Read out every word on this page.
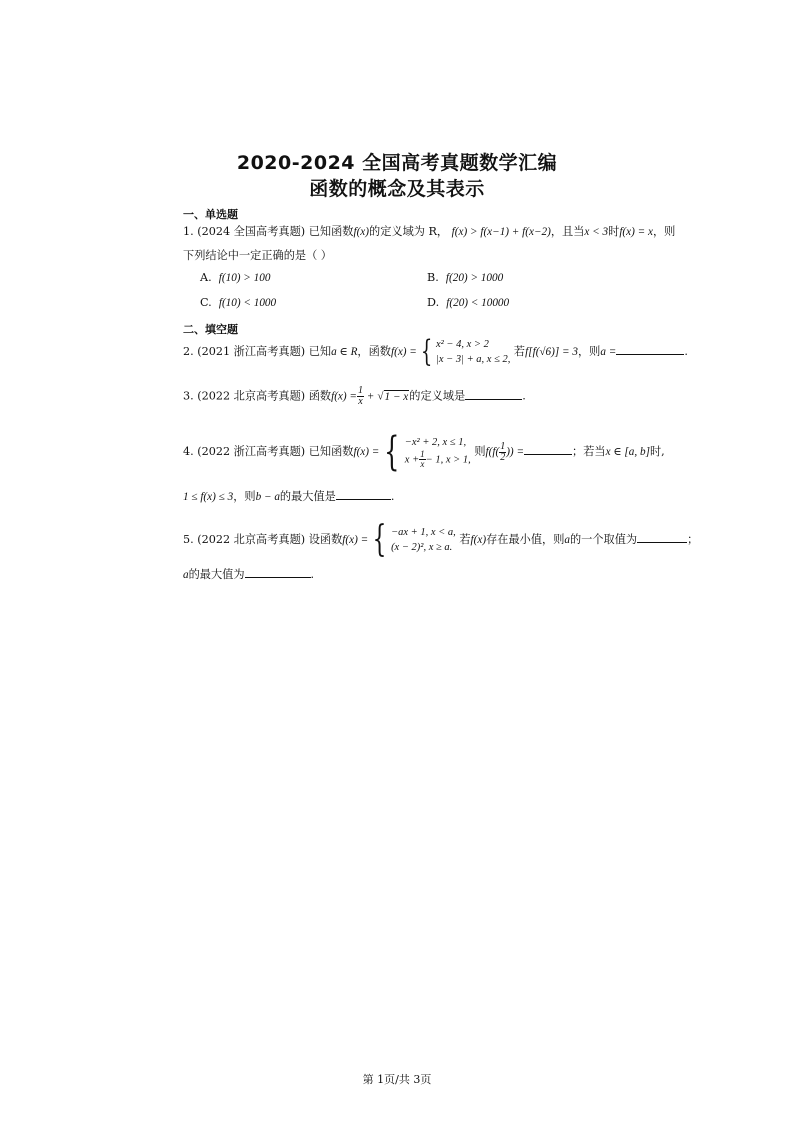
2020-2024 全国高考真题数学汇编
函数的概念及其表示
一、单选题
1. (2024 全国高考真题) 已知函数f(x)的定义域为 R， f(x) > f(x−1) + f(x−2)，且当x < 3时f(x) = x，则
下列结论中一定正确的是（ ）
A. f(10) > 100	B. f(20) > 1000
C. f(10) < 1000	D. f(20) < 10000
二、填空题
2. (2021 浙江高考真题) 已知a ∈ R，函数f(x) = { x² − 4, x > 2
|x − 3| + a, x ≤ 2,
若f[f(√6)] = 3，则a =	.
3. (2022 北京高考真题) 函数$f(x) = \frac{1}{x} + √1 - x$的定义域是	.
4. (2022 浙江高考真题) 已知函数f(x) = { −x² + 2, x ≤ 1,
$x + \frac{1}{x} - 1$, x > 1,
则$f(f( \frac{1}{2}$ )) =	；若当x ∈ [a, b]时,
1 ≤ f(x) ≤ 3，则b − a的最大值是	.
5. (2022 北京高考真题) 设函数f(x) = { −ax + 1, x < a,
(x − 2)², x ≥ a.
若f(x)存在最小值，则a的一个取值为	；
a的最大值为	.
第 1页/共 3页
